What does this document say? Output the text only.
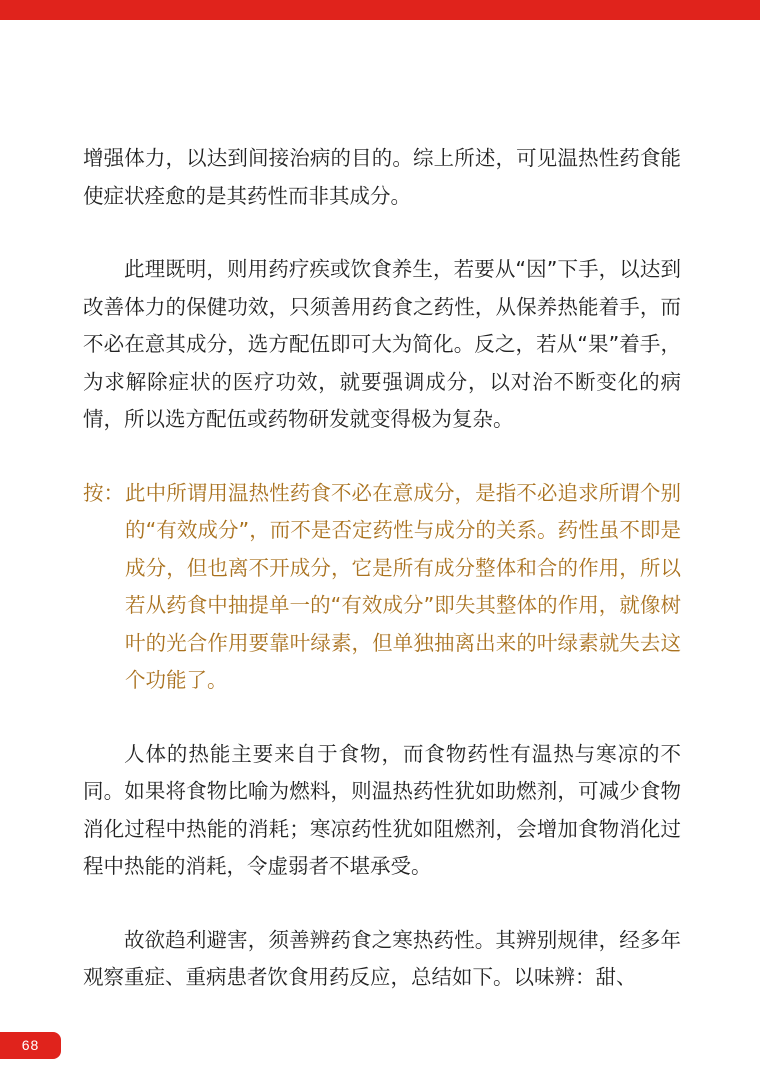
增强体力，以达到间接治病的目的。综上所述，可见温热性药食能使症状痊愈的是其药性而非其成分。

此理既明，则用药疗疾或饮食养生，若要从“因”下手，以达到改善体力的保健功效，只须善用药食之药性，从保养热能着手，而不必在意其成分，选方配伍即可大为简化。反之，若从“果”着手，为求解除症状的医疗功效，就要强调成分，以对治不断变化的病情，所以选方配伍或药物研发就变得极为复杂。

按： 此中所谓用温热性药食不必在意成分，是指不必追求所谓个别的“有效成分”，而不是否定药性与成分的关系。药性虽不即是成分，但也离不开成分，它是所有成分整体和合的作用，所以若从药食中抽提单一的“有效成分”即失其整体的作用，就像树叶的光合作用要靠叶绿素，但单独抽离出来的叶绿素就失去这个功能了。

人体的热能主要来自于食物，而食物药性有温热与寒凉的不同。如果将食物比喻为燃料，则温热药性犹如助燃剂，可减少食物消化过程中热能的消耗；寒凉药性犹如阻燃剂，会增加食物消化过程中热能的消耗，令虚弱者不堪承受。

故欲趋利避害，须善辨药食之寒热药性。其辨别规律，经多年观察重症、重病患者饮食用药反应，总结如下。以味辨：甜、

68
